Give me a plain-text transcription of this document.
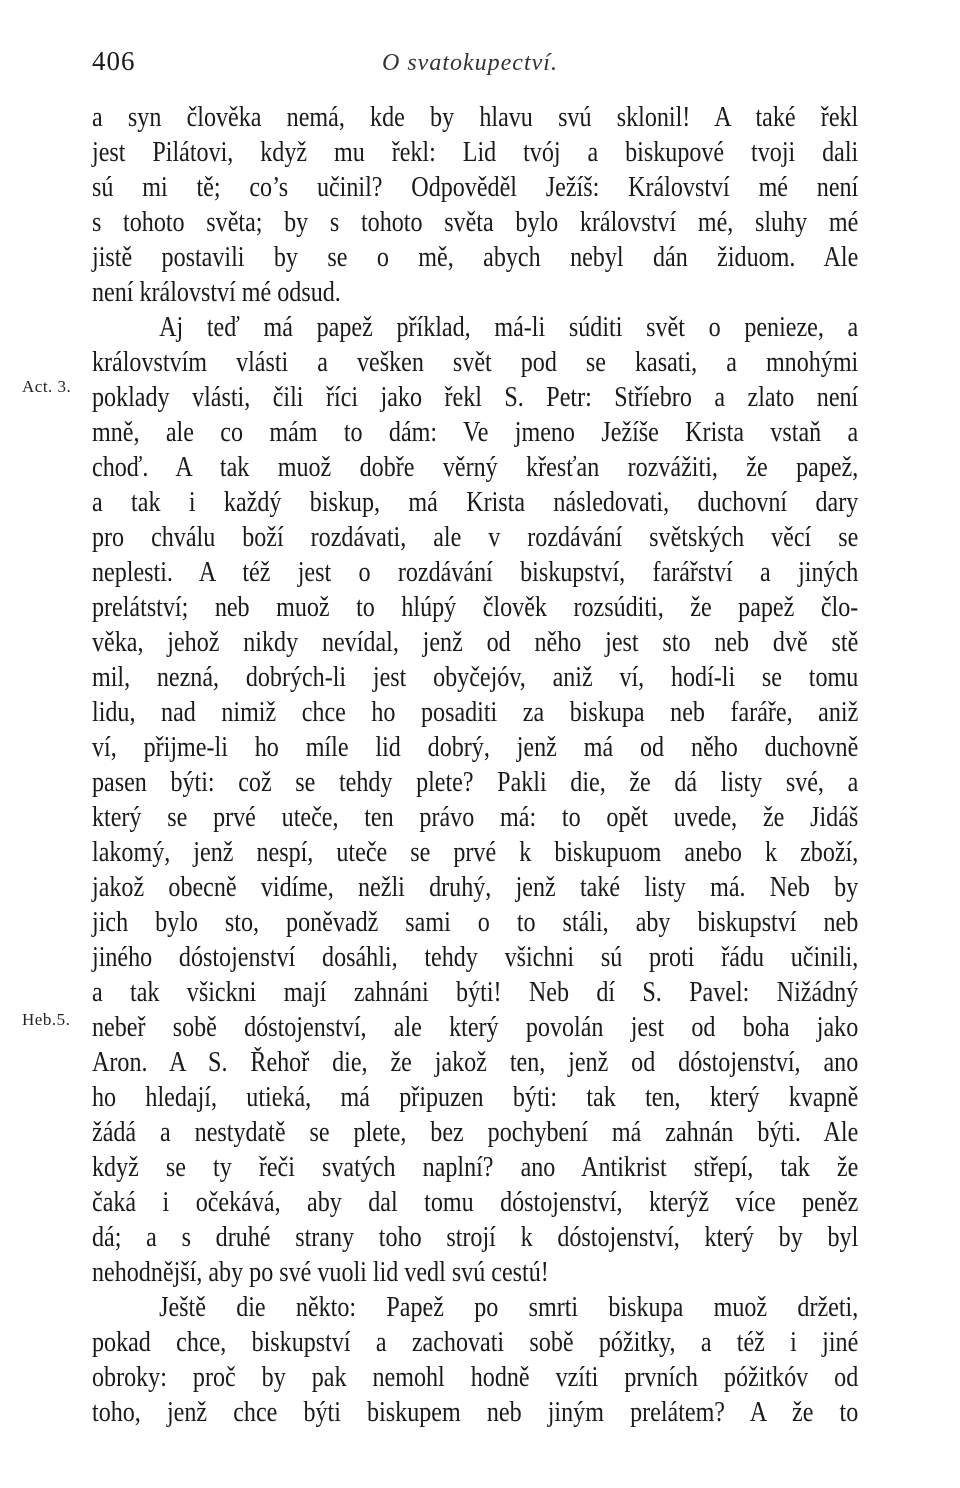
406	O svatokupectví.
Act. 3.
Heb.5.
a syn člověka nemá, kde by hlavu svú sklonil! A také řekl
jest Pilátovi, když mu řekl: Lid tvój a biskupové tvoji dali
sú mi tě; co’s učinil? Odpověděl Ježíš: Království mé není
s tohoto světa; by s tohoto světa bylo království mé, sluhy mé
jistě postavili by se o mě, abych nebyl dán židuom. Ale
není království mé odsud.
Aj teď má papež příklad, má-li súditi svět o penieze, a
královstvím vlásti a vešken svět pod se kasati, a mnohými
poklady vlásti, čili říci jako řekl S. Petr: Stříebro a zlato není
mně, ale co mám to dám: Ve jmeno Ježíše Krista vstaň a
choď. A tak muož dobře věrný křesťan rozvážiti, že papež,
a tak i každý biskup, má Krista následovati, duchovní dary
pro chválu boží rozdávati, ale v rozdávání světských věcí se
neplesti. A též jest o rozdávání biskupství, farářství a jiných
prelátství; neb muož to hlúpý člověk rozsúditi, že papež člo-
věka, jehož nikdy nevídal, jenž od něho jest sto neb dvě stě
mil, nezná, dobrých-li jest obyčejóv, aniž ví, hodí-li se tomu
lidu, nad nimiž chce ho posaditi za biskupa neb faráře, aniž
ví, přijme-li ho míle lid dobrý, jenž má od něho duchovně
pasen býti: což se tehdy plete? Pakli die, že dá listy své, a
který se prvé uteče, ten právo má: to opět uvede, že Jidáš
lakomý, jenž nespí, uteče se prvé k biskupuom anebo k zboží,
jakož obecně vidíme, nežli druhý, jenž také listy má. Neb by
jich bylo sto, poněvadž sami o to stáli, aby biskupství neb
jiného dóstojenství dosáhli, tehdy všichni sú proti řádu učinili,
a tak všickni mají zahnáni býti! Neb dí S. Pavel: Nižádný
nebeř sobě dóstojenství, ale který povolán jest od boha jako
Aron. A S. Řehoř die, že jakož ten, jenž od dóstojenství, ano
ho hledají, utieká, má připuzen býti: tak ten, který kvapně
žádá a nestydatě se plete, bez pochybení má zahnán býti. Ale
když se ty řeči svatých naplní? ano Antikrist střepí, tak že
čaká i očekává, aby dal tomu dóstojenství, kterýž více peněz
dá; a s druhé strany toho strojí k dóstojenství, který by byl
nehodnější, aby po své vuoli lid vedl svú cestú!
Ještě die někto: Papež po smrti biskupa muož držeti,
pokad chce, biskupství a zachovati sobě póžitky, a též i jiné
obroky: proč by pak nemohl hodně vzíti prvních póžitkóv od
toho, jenž chce býti biskupem neb jiným prelátem? A že to
